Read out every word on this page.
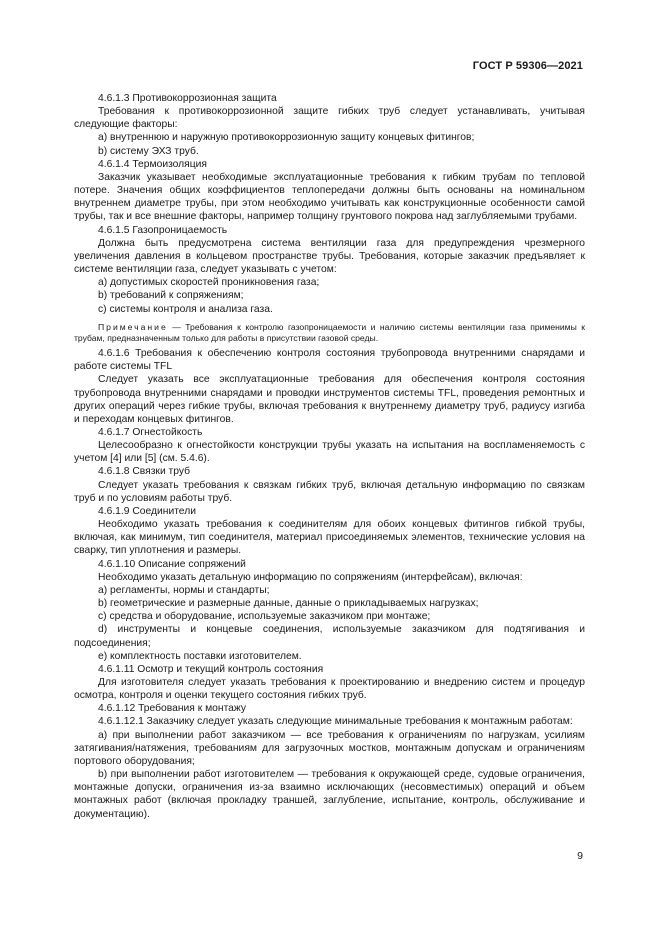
ГОСТ Р 59306—2021

4.6.1.3 Противокоррозионная защита

Требования к противокоррозионной защите гибких труб следует устанавливать, учитывая следующие факторы:

а) внутреннюю и наружную противокоррозионную защиту концевых фитингов;

b) систему ЭХЗ труб.

4.6.1.4 Термоизоляция

Заказчик указывает необходимые эксплуатационные требования к гибким трубам по тепловой потере. Значения общих коэффициентов теплопередачи должны быть основаны на номинальном внутреннем диаметре трубы, при этом необходимо учитывать как конструкционные особенности самой трубы, так и все внешние факторы, например толщину грунтового покрова над заглубляемыми трубами.

4.6.1.5 Газопроницаемость

Должна быть предусмотрена система вентиляции газа для предупреждения чрезмерного увеличения давления в кольцевом пространстве трубы. Требования, которые заказчик предъявляет к системе вентиляции газа, следует указывать с учетом:

а) допустимых скоростей проникновения газа;

b) требований к сопряжениям;

с) системы контроля и анализа газа.

Примечание — Требования к контролю газопроницаемости и наличию системы вентиляции газа применимы к трубам, предназначенным только для работы в присутствии газовой среды.

4.6.1.6 Требования к обеспечению контроля состояния трубопровода внутренними снарядами и работе системы TFL

Следует указать все эксплуатационные требования для обеспечения контроля состояния трубопровода внутренними снарядами и проводки инструментов системы TFL, проведения ремонтных и других операций через гибкие трубы, включая требования к внутреннему диаметру труб, радиусу изгиба и переходам концевых фитингов.

4.6.1.7 Огнестойкость

Целесообразно к огнестойкости конструкции трубы указать на испытания на воспламеняемость с учетом [4] или [5] (см. 5.4.6).

4.6.1.8 Связки труб

Следует указать требования к связкам гибких труб, включая детальную информацию по связкам труб и по условиям работы труб.

4.6.1.9 Соединители

Необходимо указать требования к соединителям для обоих концевых фитингов гибкой трубы, включая, как минимум, тип соединителя, материал присоединяемых элементов, технические условия на сварку, тип уплотнения и размеры.

4.6.1.10 Описание сопряжений

Необходимо указать детальную информацию по сопряжениям (интерфейсам), включая:

а) регламенты, нормы и стандарты;

b) геометрические и размерные данные, данные о прикладываемых нагрузках;

с) средства и оборудование, используемые заказчиком при монтаже;

d) инструменты и концевые соединения, используемые заказчиком для подтягивания и подсоединения;

е) комплектность поставки изготовителем.

4.6.1.11 Осмотр и текущий контроль состояния

Для изготовителя следует указать требования к проектированию и внедрению систем и процедур осмотра, контроля и оценки текущего состояния гибких труб.

4.6.1.12 Требования к монтажу

4.6.1.12.1 Заказчику следует указать следующие минимальные требования к монтажным работам:

а) при выполнении работ заказчиком — все требования к ограничениям по нагрузкам, усилиям затягивания/натяжения, требованиям для загрузочных мостков, монтажным допускам и ограничениям портового оборудования;

b) при выполнении работ изготовителем — требования к окружающей среде, судовые ограничения, монтажные допуски, ограничения из-за взаимно исключающих (несовместимых) операций и объем монтажных работ (включая прокладку траншей, заглубление, испытание, контроль, обслуживание и документацию).

9
